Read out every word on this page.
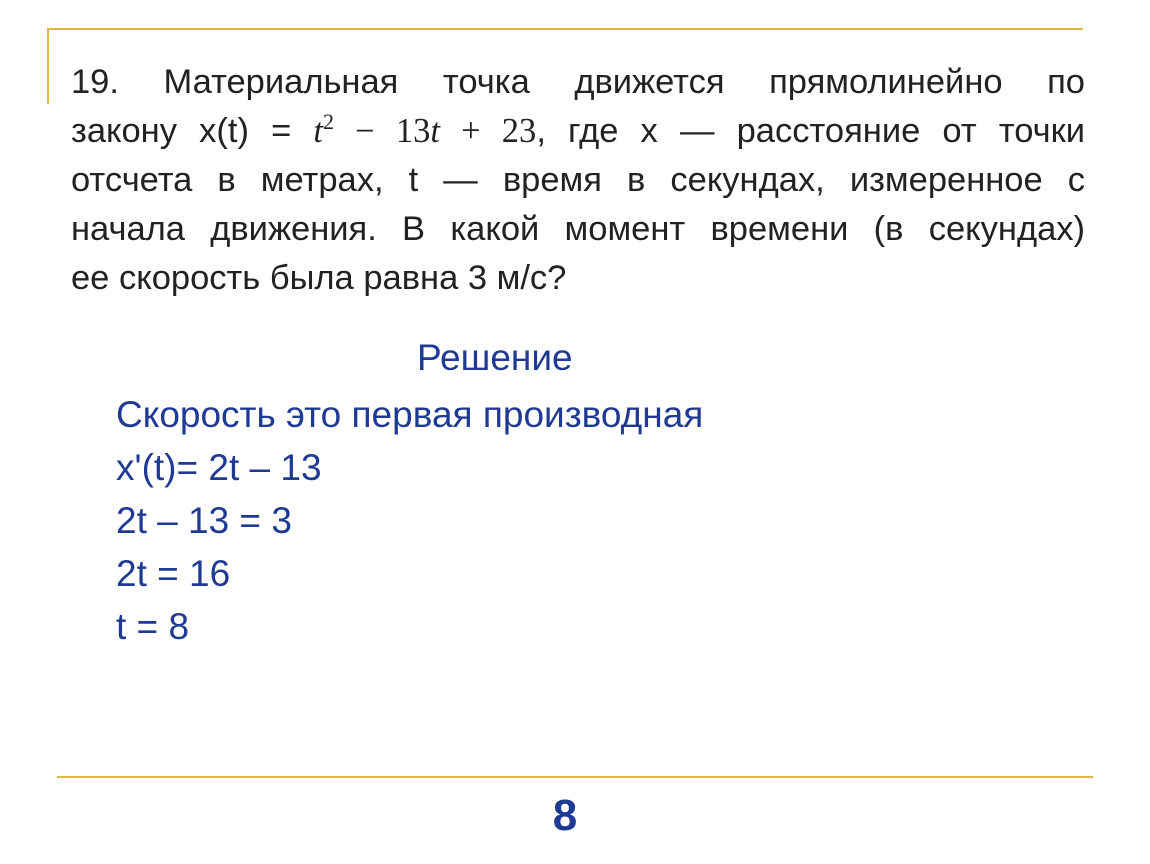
19. Материальная точка движется прямолинейно по
закону $x(t) = t^2 - 13t + 23$, где x — расстояние от точки
отсчета в метрах, t — время в секундах, измеренное с
начала движения. В какой момент времени (в секундах)
ее скорость была равна 3 м/с?
Решение
Скорость это первая производная
x'(t)= 2t – 13
2t – 13 = 3
2t = 16
t = 8
8
